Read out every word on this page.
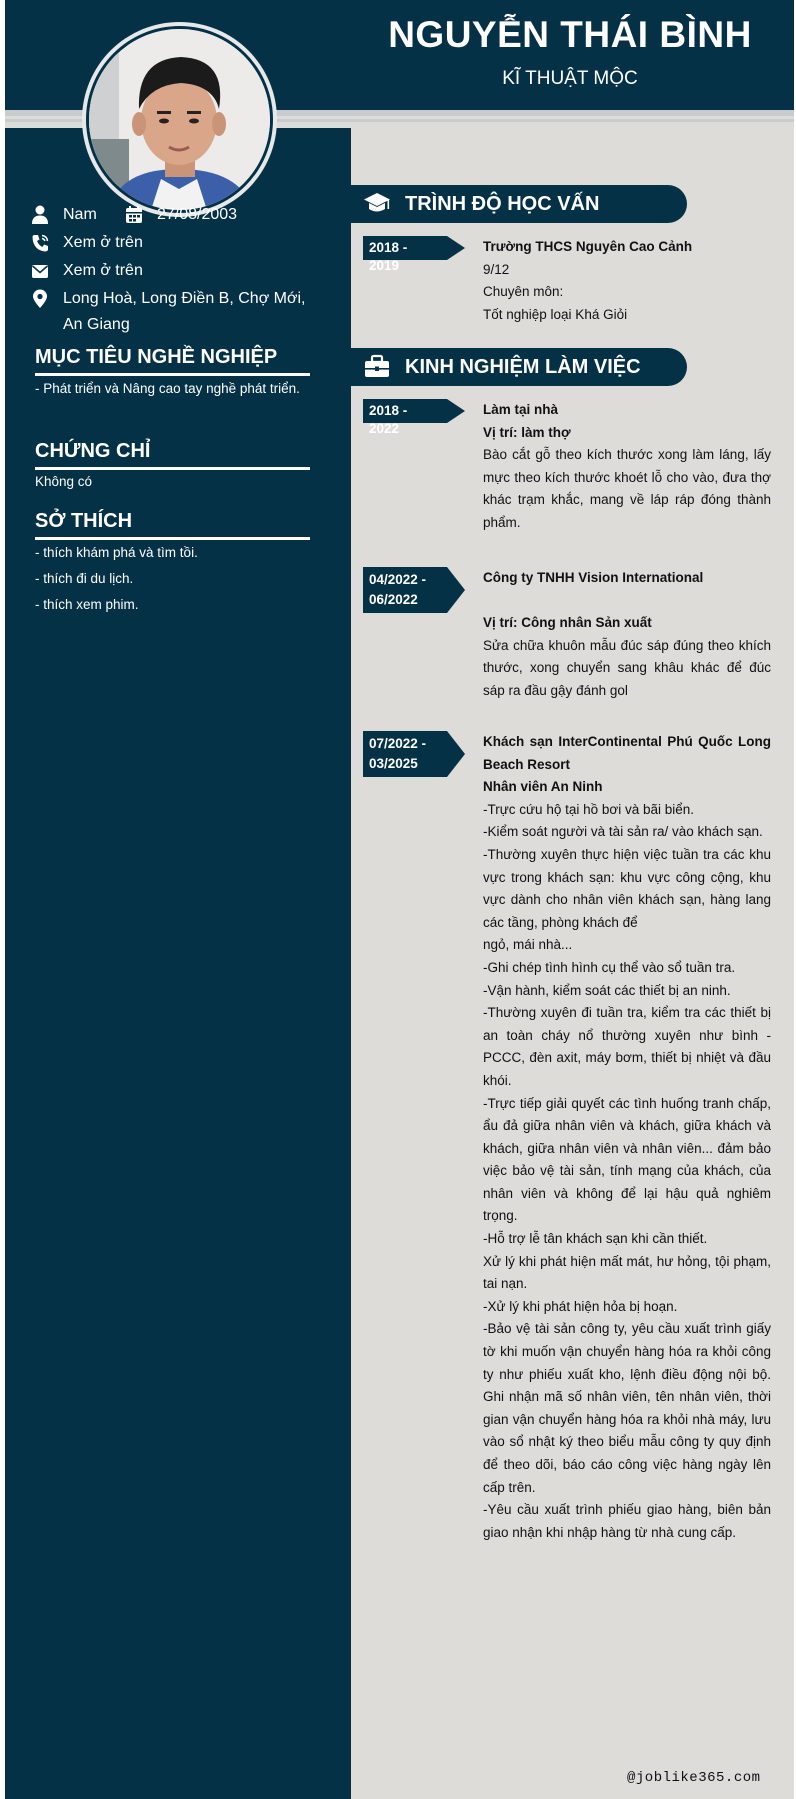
NGUYỄN THÁI BÌNH
KĨ THUẬT MỘC
Nam	27/08/2003
Xem ở trên
Xem ở trên
Long Hoà, Long Điền B, Chợ Mới, An Giang
MỤC TIÊU NGHỀ NGHIỆP
- Phát triển và Nâng cao tay nghề phát triển.
CHỨNG CHỈ
Không có
SỞ THÍCH
- thích khám phá và tìm tồi.
- thích đi du lịch.
- thích xem phim.
TRÌNH ĐỘ HỌC VẤN
2018 - 2019
Trường THCS Nguyên Cao Cảnh
9/12
Chuyên môn:
Tốt nghiệp loại Khá Giỏi
KINH NGHIỆM LÀM VIỆC
2018 - 2022
Làm tại nhà
Vị trí: làm thợ
Bào cắt gỗ theo kích thước xong làm láng, lấy mực theo kích thước khoét lỗ cho vào, đưa thợ khác trạm khắc, mang về láp ráp đóng thành phẩm.
04/2022 -
06/2022
Công ty TNHH Vision International
Vị trí: Công nhân Sản xuất
Sửa chữa khuôn mẫu đúc sáp đúng theo khích thước, xong chuyển sang khâu khác để đúc sáp ra đầu gậy đánh gol
07/2022 -
03/2025
Khách sạn InterContinental Phú Quốc Long Beach Resort
Nhân viên An Ninh
-Trực cứu hộ tại hồ bơi và bãi biển.
-Kiểm soát người và tài sản ra/ vào khách sạn.
-Thường xuyên thực hiện việc tuần tra các khu vực trong khách sạn: khu vực công cộng, khu vực dành cho nhân viên khách sạn, hàng lang các tầng, phòng khách để
ngỏ, mái nhà...
-Ghi chép tình hình cụ thể vào sổ tuần tra.
-Vận hành, kiểm soát các thiết bị an ninh.
-Thường xuyên đi tuần tra, kiểm tra các thiết bị an toàn cháy nổ thường xuyên như bình - PCCC, đèn axit, máy bơm, thiết bị nhiệt và đầu khói.
-Trực tiếp giải quyết các tình huống tranh chấp, ẩu đả giữa nhân viên và khách, giữa khách và khách, giữa nhân viên và nhân viên... đảm bảo việc bảo vệ tài sản, tính mạng của khách, của nhân viên và không để lại hậu quả nghiêm trọng.
-Hỗ trợ lễ tân khách sạn khi cần thiết.
Xử lý khi phát hiện mất mát, hư hỏng, tội phạm, tai nạn.
-Xử lý khi phát hiện hỏa bị hoạn.
-Bảo vệ tài sản công ty, yêu cầu xuất trình giấy tờ khi muốn vận chuyển hàng hóa ra khỏi công ty như phiếu xuất kho, lệnh điều động nội bộ. Ghi nhận mã số nhân viên, tên nhân viên, thời gian vận chuyển hàng hóa ra khỏi nhà máy, lưu vào sổ nhật ký theo biểu mẫu công ty quy định để theo dõi, báo cáo công việc hàng ngày lên cấp trên.
-Yêu cầu xuất trình phiếu giao hàng, biên bản giao nhận khi nhập hàng từ nhà cung cấp.
@joblike365.com
